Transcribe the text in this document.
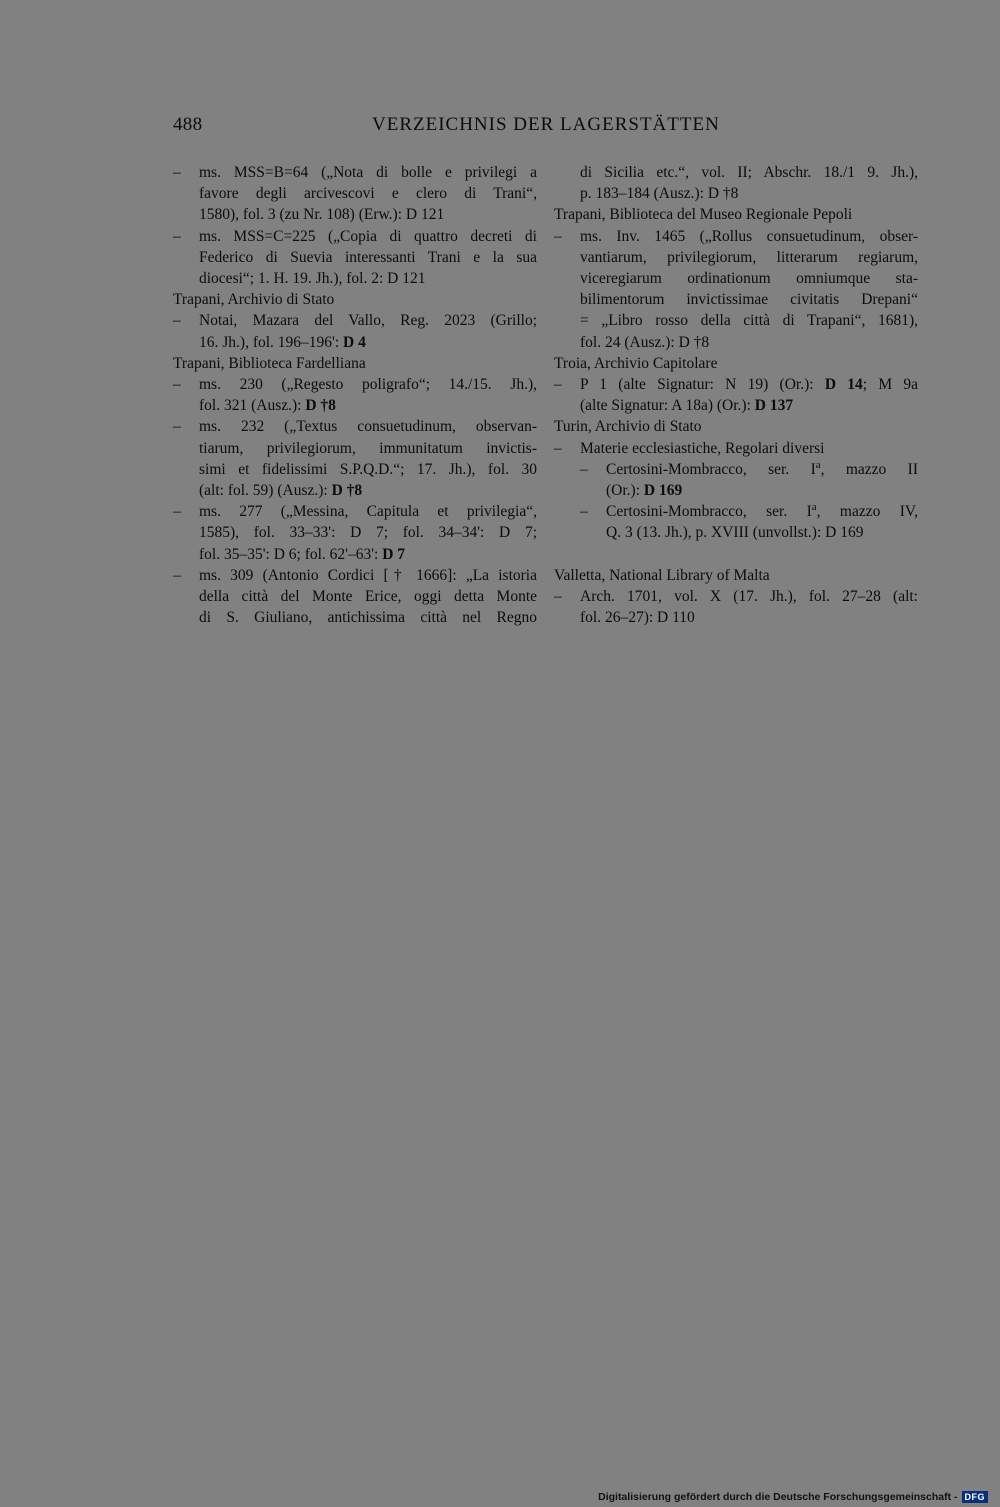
488	VERZEICHNIS DER LAGERSTÄTTEN
– ms. MSS=B=64 („Nota di bolle e privilegi a
favore degli arcivescovi e clero di Trani“,
1580), fol. 3 (zu Nr. 108) (Erw.): D 121
– ms. MSS=C=225 („Copia di quattro decreti di
Federico di Suevia interessanti Trani e la sua
diocesi“; 1. H. 19. Jh.), fol. 2: D 121
Trapani, Archivio di Stato
– Notai, Mazara del Vallo, Reg. 2023 (Grillo;
16. Jh.), fol. 196–196': D 4
Trapani, Biblioteca Fardelliana
– ms. 230 („Regesto poligrafo“; 14./15. Jh.),
fol. 321 (Ausz.): D †8
– ms. 232 („Textus consuetudinum, observan-
tiarum, privilegiorum, immunitatum invictis-
simi et fidelissimi S.P.Q.D.“; 17. Jh.), fol. 30
(alt: fol. 59) (Ausz.): D †8
– ms. 277 („Messina, Capitula et privilegia“,
1585), fol. 33–33': D 7; fol. 34–34': D 7;
fol. 35–35': D 6; fol. 62'–63': D 7
– ms. 309 (Antonio Cordici [† 1666]: „La istoria
della città del Monte Erice, oggi detta Monte
di S. Giuliano, antichissima città nel Regno
di Sicilia etc.“, vol. II; Abschr. 18./1 9. Jh.),
p. 183–184 (Ausz.): D †8
Trapani, Biblioteca del Museo Regionale Pepoli
– ms. Inv. 1465 („Rollus consuetudinum, obser-
vantiarum, privilegiorum, litterarum regiarum,
viceregiarum ordinationum omniumque sta-
bilimentorum invictissimae civitatis Drepani“
= „Libro rosso della città di Trapani“, 1681),
fol. 24 (Ausz.): D †8
Troia, Archivio Capitolare
– P 1 (alte Signatur: N 19) (Or.): D 14; M 9a
(alte Signatur: A 18a) (Or.): D 137
Turin, Archivio di Stato
– Materie ecclesiastiche, Regolari diversi
– Certosini-Mombracco, ser. $I^a$, mazzo II
(Or.): D 169
– Certosini-Mombracco, ser. $I^a$, mazzo IV,
Q. 3 (13. Jh.), p. XVIII (unvollst.): D 169
Valletta, National Library of Malta
– Arch. 1701, vol. X (17. Jh.), fol. 27–28 (alt:
fol. 26–27): D 110
Digitalisierung gefördert durch die Deutsche Forschungsgemeinschaft - DFG
